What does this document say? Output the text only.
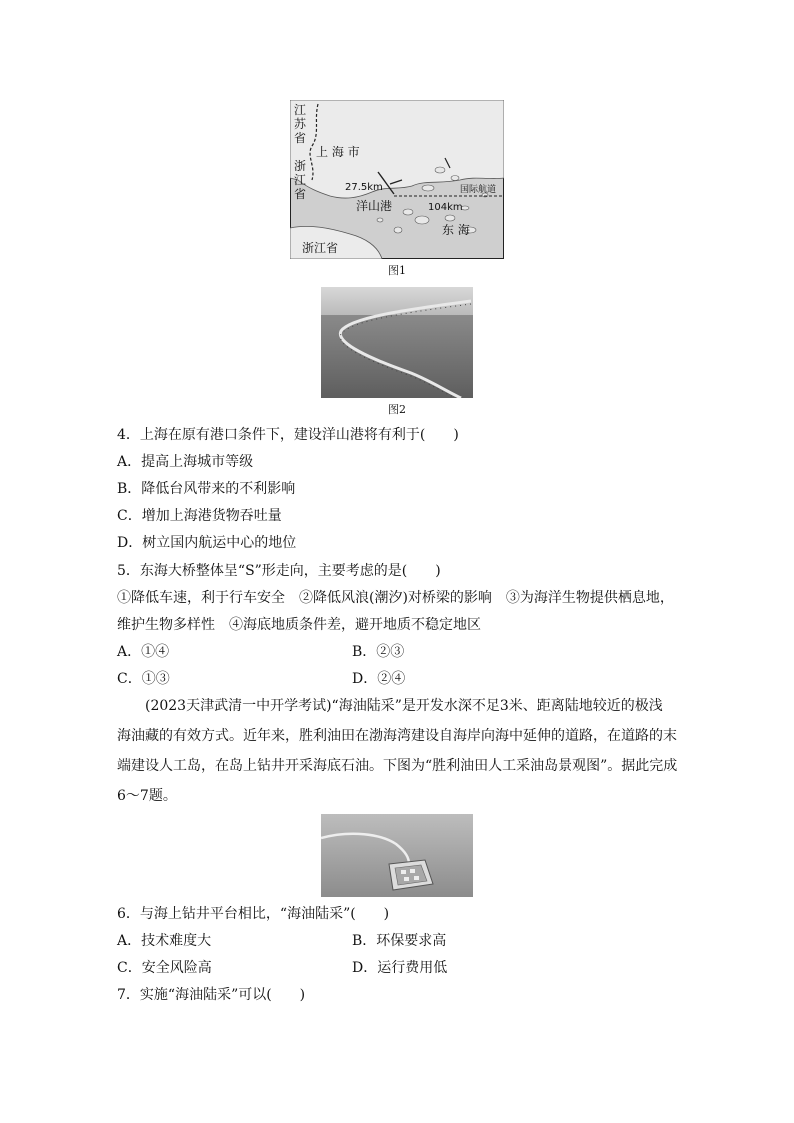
江
苏
省
浙
江
省
上 海 市
27.5km
洋山港
国际航道
104km
东 海
浙江省
图1
图2
4．上海在原有港口条件下，建设洋山港将有利于(　　)
A．提高上海城市等级
B．降低台风带来的不利影响
C．增加上海港货物吞吐量
D．树立国内航运中心的地位
5．东海大桥整体呈“S”形走向，主要考虑的是(　　)
①降低车速，利于行车安全　②降低风浪(潮汐)对桥梁的影响　③为海洋生物提供栖息地，
维护生物多样性　④海底地质条件差，避开地质不稳定地区
A．①④	B．②③
C．①③	D．②④
(2023天津武清一中开学考试)“海油陆采”是开发水深不足3米、距离陆地较近的极浅
海油藏的有效方式。近年来，胜利油田在渤海湾建设自海岸向海中延伸的道路，在道路的末
端建设人工岛，在岛上钻井开采海底石油。下图为“胜利油田人工采油岛景观图”。据此完成
6～7题。
6．与海上钻井平台相比，“海油陆采”(　　)
A．技术难度大	B．环保要求高
C．安全风险高	D．运行费用低
7．实施“海油陆采”可以(　　)
